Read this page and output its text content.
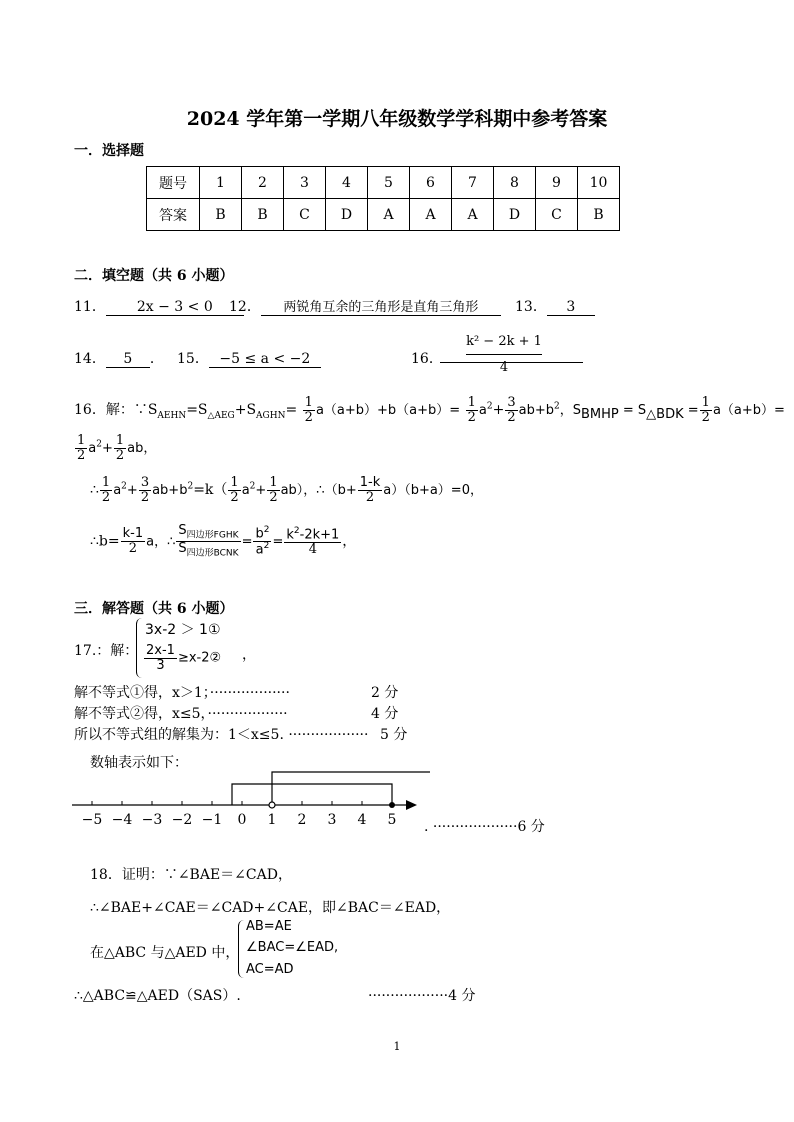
2024 学年第一学期八年级数学学科期中参考答案
一．选择题
题号	1	2	3	4	5	6	7	8	9	10
答案	B	B	C	D	A	A	A	D	C	B
二．填空题（共 6 小题）
11． 2x − 3 < 0	12． 两锐角互余的三角形是直角三角形	13． 3
14． 5 ． 15． −5 ≤ a < −2	16．
k² − 2k + 1
4
16．解：$\because S_{AEHN}=S_{\triangle AEG}+S_{AGHN}= \frac{1}{2} a(a+b)+b(a+b)= \frac{1}{2} a^2+ \frac{3}{2} ab+b^2$，$S_{BMHP} = S_{\triangle BDK} = \frac{1}{2} a(a+b)=$
$\frac{1}{2} a^2+ \frac{1}{2}$ ab，
∴ $\frac{1}{2} a^2+ \frac{3}{2} ab+b^2=k( \frac{1}{2} a^2+ \frac{1}{2} ab)$，∴（b+ $\frac{1-k}{2} a)(b+a)=0$，
∴b= $\frac{k-1}{2}$ a，∴ $\frac{S_{四边形FGHK}}{S_{四边形BCNK}} = \frac{b^2}{a^2} = \frac{k^2-2k+1}{4}$ ，
三．解答题（共 6 小题）
17.：解：
3x-2 ＞ 1①
$\frac{2x-1}{3}$ ≥x-2② ，
解不等式①得，x＞1；··················	2 分
解不等式②得，x≤5，··················	4 分
所以不等式组的解集为：1＜x≤5. ·················· 5 分
数轴表示如下：
−5 −4 −3 −2 −1	0	1	2	3	4	5	. ···················6 分
18．证明：∵∠BAE＝∠CAD，
∴∠BAE+∠CAE＝∠CAD+∠CAE，即∠BAC＝∠EAD，
在△ABC 与△AED 中，
AB=AE
∠BAC=∠EAD,
AC=AD
∴△ABC≌△AED（SAS）.	··················4 分
1
